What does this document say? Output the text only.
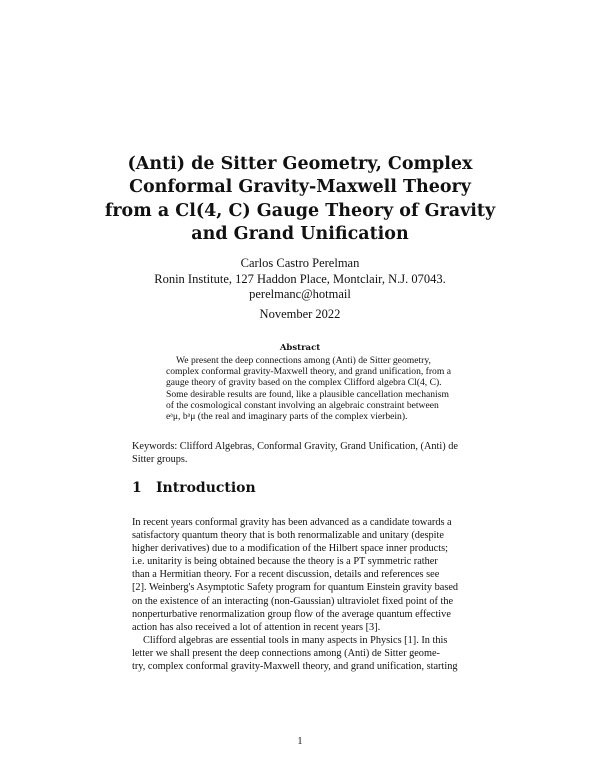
(Anti) de Sitter Geometry, Complex
Conformal Gravity-Maxwell Theory
from a Cl(4, C) Gauge Theory of Gravity
and Grand Unification
Carlos Castro Perelman
Ronin Institute, 127 Haddon Place, Montclair, N.J. 07043.
perelmanc@hotmail
November 2022
Abstract
We present the deep connections among (Anti) de Sitter geometry,
complex conformal gravity-Maxwell theory, and grand unification, from a
gauge theory of gravity based on the complex Clifford algebra Cl(4, C).
Some desirable results are found, like a plausible cancellation mechanism
of the cosmological constant involving an algebraic constraint between
eᵃμ, bᵃμ (the real and imaginary parts of the complex vierbein).
Keywords: Clifford Algebras, Conformal Gravity, Grand Unification, (Anti) de
Sitter groups.
1 Introduction
In recent years conformal gravity has been advanced as a candidate towards a
satisfactory quantum theory that is both renormalizable and unitary (despite
higher derivatives) due to a modification of the Hilbert space inner products;
i.e. unitarity is being obtained because the theory is a PT symmetric rather
than a Hermitian theory. For a recent discussion, details and references see
[2]. Weinberg's Asymptotic Safety program for quantum Einstein gravity based
on the existence of an interacting (non-Gaussian) ultraviolet fixed point of the
nonperturbative renormalization group flow of the average quantum effective
action has also received a lot of attention in recent years [3].
Clifford algebras are essential tools in many aspects in Physics [1]. In this
letter we shall present the deep connections among (Anti) de Sitter geome-
try, complex conformal gravity-Maxwell theory, and grand unification, starting
1
